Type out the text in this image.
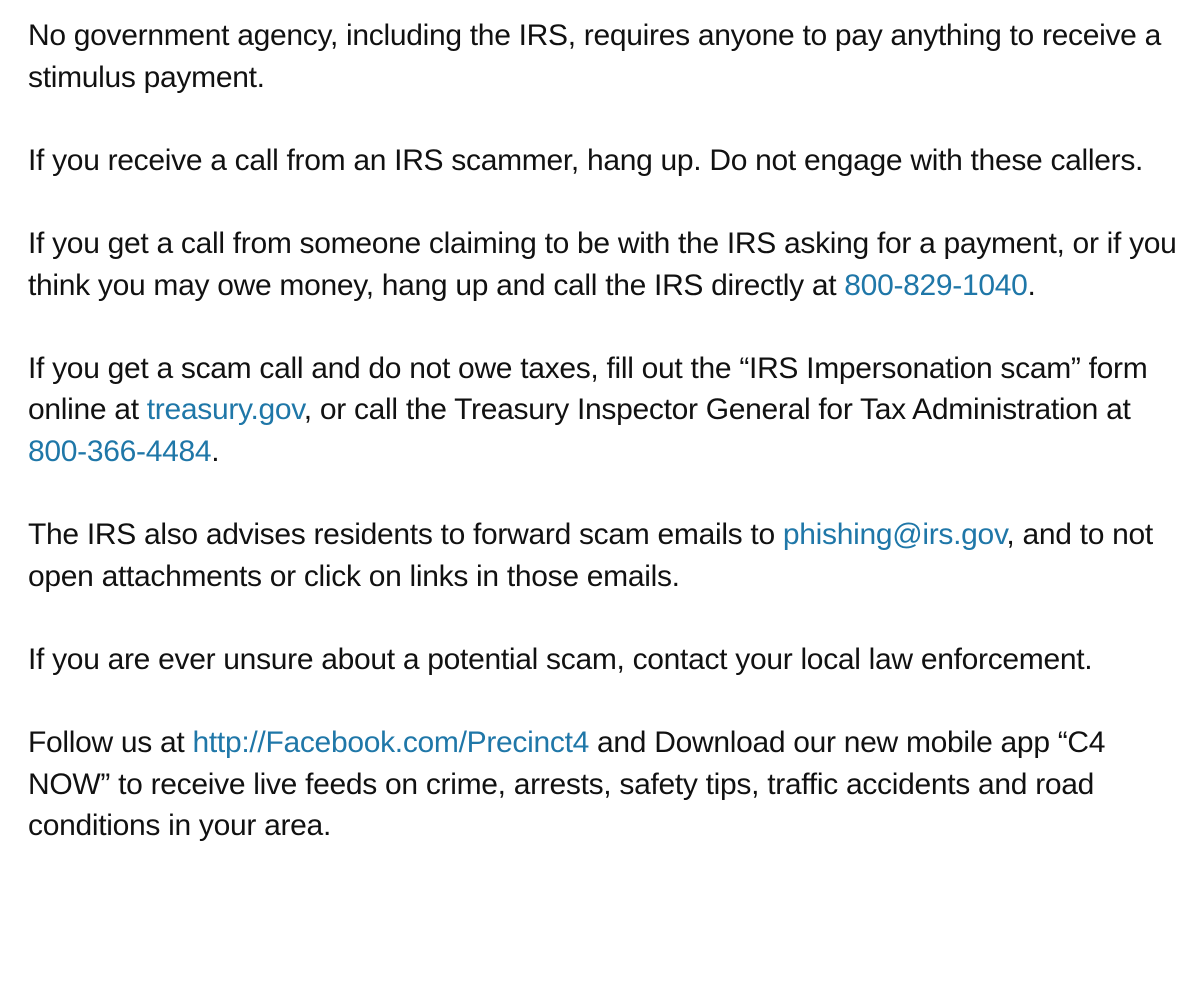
No government agency, including the IRS, requires anyone to pay anything to receive a stimulus payment.

If you receive a call from an IRS scammer, hang up. Do not engage with these callers.

If you get a call from someone claiming to be with the IRS asking for a payment, or if you think you may owe money, hang up and call the IRS directly at 800-829-1040.

If you get a scam call and do not owe taxes, fill out the “IRS Impersonation scam” form online at treasury.gov, or call the Treasury Inspector General for Tax Administration at 800-366-4484.

The IRS also advises residents to forward scam emails to phishing@irs.gov, and to not open attachments or click on links in those emails.

If you are ever unsure about a potential scam, contact your local law enforcement.

Follow us at http://Facebook.com/Precinct4 and Download our new mobile app “C4 NOW” to receive live feeds on crime, arrests, safety tips, traffic accidents and road conditions in your area.
